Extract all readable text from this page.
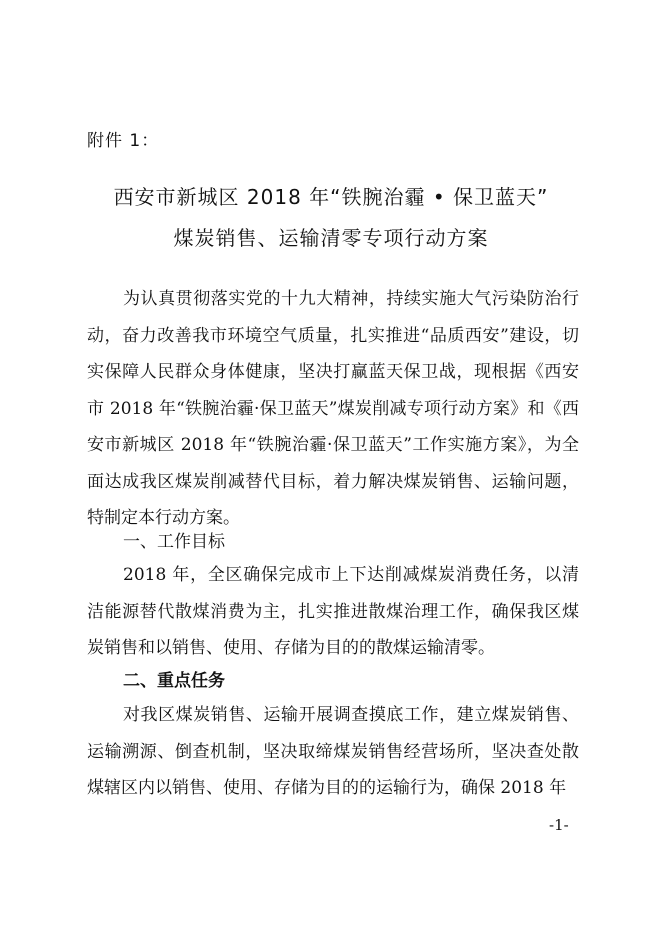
附件 1：
西安市新城区 2018 年“铁腕治霾 • 保卫蓝天”
煤炭销售、运输清零专项行动方案

为认真贯彻落实党的十九大精神，持续实施大气污染防治行动，奋力改善我市环境空气质量，扎实推进“品质西安”建设，切实保障人民群众身体健康，坚决打赢蓝天保卫战，现根据《西安市 2018 年“铁腕治霾·保卫蓝天”煤炭削减专项行动方案》和《西安市新城区 2018 年“铁腕治霾·保卫蓝天”工作实施方案》，为全面达成我区煤炭削减替代目标，着力解决煤炭销售、运输问题，特制定本行动方案。

一、工作目标

2018 年，全区确保完成市上下达削减煤炭消费任务，以清洁能源替代散煤消费为主，扎实推进散煤治理工作，确保我区煤炭销售和以销售、使用、存储为目的的散煤运输清零。

二、重点任务

对我区煤炭销售、运输开展调查摸底工作，建立煤炭销售、运输溯源、倒查机制，坚决取缔煤炭销售经营场所，坚决查处散煤辖区内以销售、使用、存储为目的的运输行为，确保 2018 年

-1-
